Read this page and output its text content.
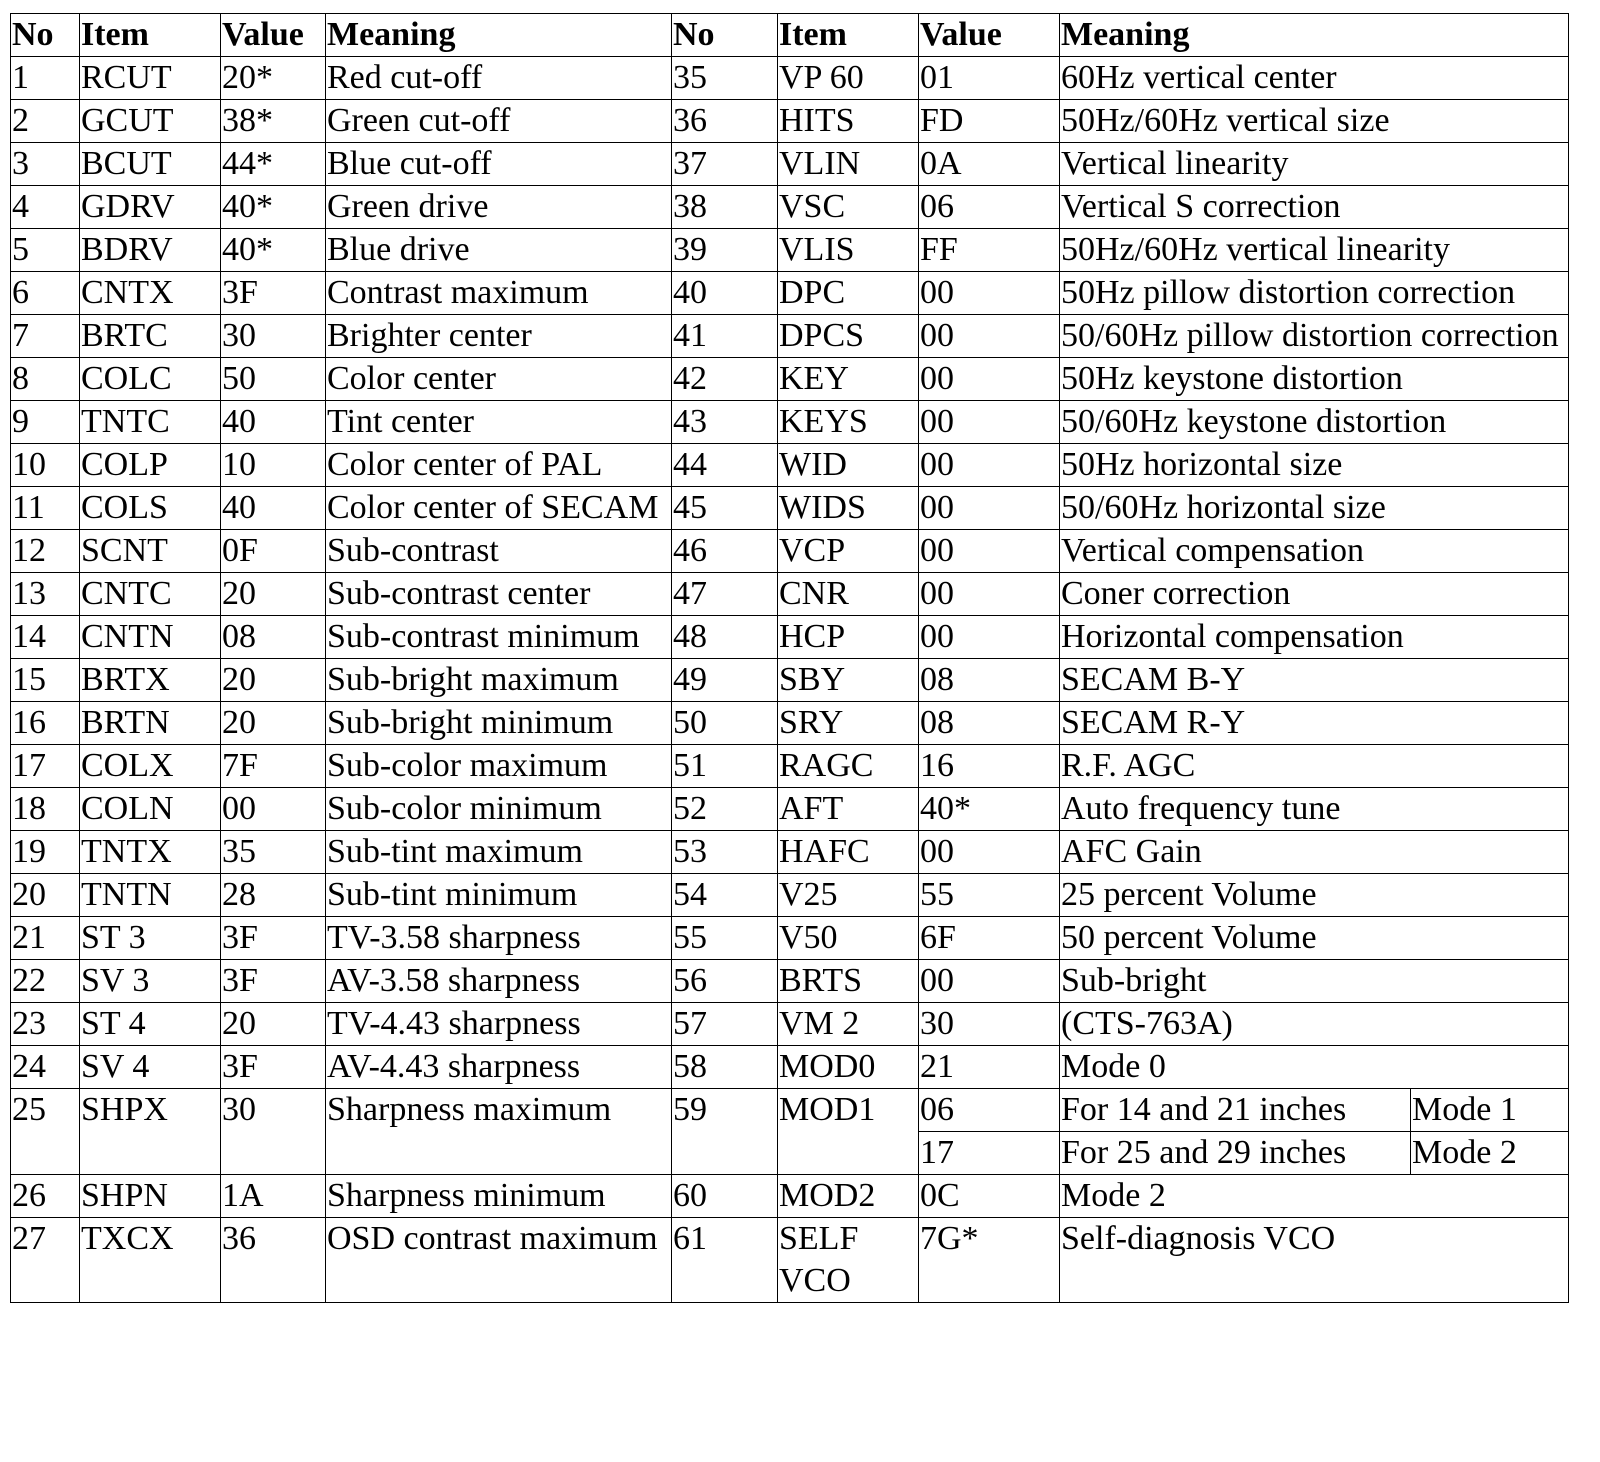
No	Item	Value	Meaning	No	Item	Value	Meaning	
1	RCUT	20*	Red cut-off	35	VP 60	01	60Hz vertical center	
2	GCUT	38*	Green cut-off	36	HITS	FD	50Hz/60Hz vertical size	
3	BCUT	44*	Blue cut-off	37	VLIN	0A	Vertical linearity	
4	GDRV	40*	Green drive	38	VSC	06	Vertical S correction	
5	BDRV	40*	Blue drive	39	VLIS	FF	50Hz/60Hz vertical linearity	
6	CNTX	3F	Contrast maximum	40	DPC	00	50Hz pillow distortion correction	
7	BRTC	30	Brighter center	41	DPCS	00	50/60Hz pillow distortion correction	
8	COLC	50	Color center	42	KEY	00	50Hz keystone distortion	
9	TNTC	40	Tint center	43	KEYS	00	50/60Hz keystone distortion	
10	COLP	10	Color center of PAL	44	WID	00	50Hz horizontal size	
11	COLS	40	Color center of SECAM	45	WIDS	00	50/60Hz horizontal size	
12	SCNT	0F	Sub-contrast	46	VCP	00	Vertical compensation	
13	CNTC	20	Sub-contrast center	47	CNR	00	Coner correction	
14	CNTN	08	Sub-contrast minimum	48	HCP	00	Horizontal compensation	
15	BRTX	20	Sub-bright maximum	49	SBY	08	SECAM B-Y	
16	BRTN	20	Sub-bright minimum	50	SRY	08	SECAM R-Y	
17	COLX	7F	Sub-color maximum	51	RAGC	16	R.F. AGC	
18	COLN	00	Sub-color minimum	52	AFT	40*	Auto frequency tune	
19	TNTX	35	Sub-tint maximum	53	HAFC	00	AFC Gain	
20	TNTN	28	Sub-tint minimum	54	V25	55	25 percent Volume	
21	ST 3	3F	TV-3.58 sharpness	55	V50	6F	50 percent Volume	
22	SV 3	3F	AV-3.58 sharpness	56	BRTS	00	Sub-bright	
23	ST 4	20	TV-4.43 sharpness	57	VM 2	30	(CTS-763A)	
24	SV 4	3F	AV-4.43 sharpness	58	MOD0	21	Mode 0	
25	SHPX	30	Sharpness maximum	59	MOD1	06	For 14 and 21 inches	Mode 1
						17	For 25 and 29 inches	Mode 2
26	SHPN	1A	Sharpness minimum	60	MOD2	0C	Mode 2	
27	TXCX	36	OSD contrast maximum	61	SELF VCO	7G*	Self-diagnosis VCO	
